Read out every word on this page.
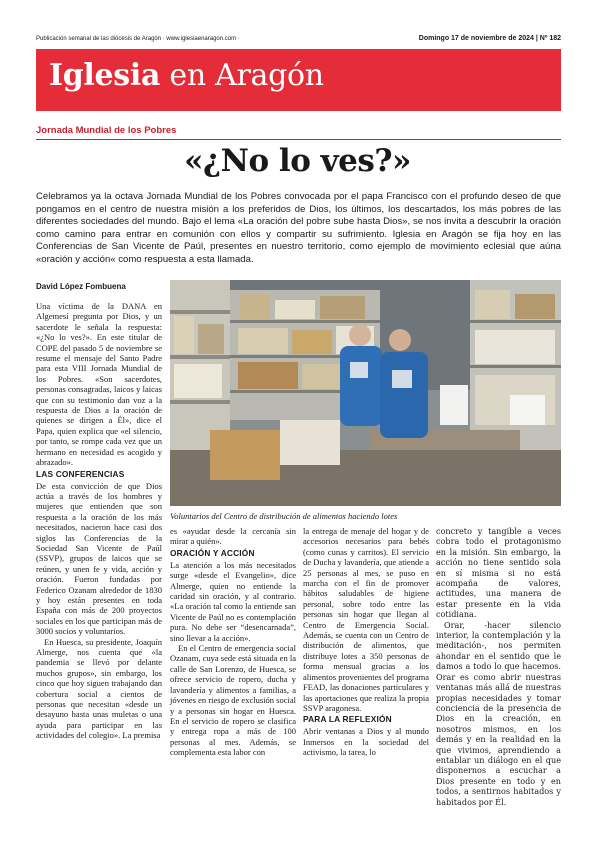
Publicación semanal de las diócesis de Aragón · www.iglesiaenaragon.com ·	Domingo 17 de noviembre de 2024 | Nº 182
Iglesia en Aragón
Jornada Mundial de los Pobres
«¿No lo ves?»
Celebramos ya la octava Jornada Mundial de los Pobres convocada por el papa Francisco con el profundo deseo de que pongamos en el centro de nuestra misión a los preferidos de Dios, los últimos, los descartados, los más pobres de las diferentes sociedades del mundo. Bajo el lema «La oración del pobre sube hasta Dios», se nos invita a descubrir la oración como camino para entrar en comunión con ellos y compartir su sufrimiento. Iglesia en Aragón se fija hoy en las Conferencias de San Vicente de Paúl, presentes en nuestro territorio, como ejemplo de movimiento eclesial que aúna «oración y acción« como respuesta a esta llamada.
David López Fombuena

Una víctima de la DANA en Algemesí pregunta por Dios, y un sacerdote le señala la respuesta: «¿No lo ves?». En este titular de COPE del pasado 5 de noviembre se resume el mensaje del Santo Padre para esta VIII Jornada Mundial de los Pobres. «Son sacerdotes, personas consagradas, laicos y laicas que con su testimonio dan voz a la respuesta de Dios a la oración de quienes se dirigen a Él», dice el Papa, quien explica que «el silencio, por tanto, se rompe cada vez que un hermano en necesidad es acogido y abrazado».

LAS CONFERENCIAS

De esta convicción de que Dios actúa a través de los hombres y mujeres que entienden que son respuesta a la oración de los más necesitados, nacieron hace casi dos siglos las Conferencias de la Sociedad San Vicente de Paúl (SSVP), grupos de laicos que se reúnen, y unen fe y vida, acción y oración. Fueron fundadas por Federico Ozanam alrededor de 1830 y hoy están presentes en toda España con más de 200 proyectos sociales en los que participan más de 3000 socios y voluntarios.

En Huesca, su presidente, Joaquín Almerge, nos cuenta que «la pandemia se llevó por delante muchos grupos», sin embargo, los cinco que hoy siguen trabajando dan cobertura social a cientos de personas que necesitan «desde un desayuno hasta unas muletas o una ayuda para participar en las actividades del colegio». La premisa

Voluntarios del Centro de distribución de alimentos haciendo lotes

es «ayudar desde la cercanía sin mirar a quién».

ORACIÓN Y ACCIÓN

La atención a los más necesitados surge «desde el Evangelio», dice Almerge, quien no entiende la caridad sin oración, y al contrario. «La oración tal como la entiende san Vicente de Paúl no es contemplación pura. No debe ser “desencarnada”, sino llevar a la acción».

En el Centro de emergencia social Ozanam, cuya sede está situada en la calle de San Lorenzo, de Huesca, se ofrece servicio de ropero, ducha y lavandería y alimentos a familias, a jóvenes en riesgo de exclusión social y a personas sin hogar en Huesca. En el servicio de ropero se clasifica y entrega ropa a más de 100 personas al mes. Además, se complementa esta labor con

la entrega de menaje del hogar y de accesorios necesarios para bebés (como cunas y carritos). El servicio de Ducha y lavandería, que atiende a 25 personas al mes, se puso en marcha con el fin de promover hábitos saludables de higiene personal, sobre todo entre las personas sin hogar que llegan al Centro de Emergencia Social. Además, se cuenta con un Centro de distribución de alimentos, que distribuye lotes a 350 personas de forma mensual gracias a los alimentos provenientes del programa FEAD, las donaciones particulares y las aportaciones que realiza la propia SSVP aragonesa.

PARA LA REFLEXIÓN

Abrir ventanas a Dios y al mundo Inmersos en la sociedad del activismo, la tarea, lo

concreto y tangible a veces cobra todo el protagonismo en la misión. Sin embargo, la acción no tiene sentido sola en sí misma si no está acompaña de valores, actitudes, una manera de estar presente en la vida cotidiana.

Orar, -hacer silencio interior, la contemplación y la meditación-, nos permiten ahondar en el sentido que le damos a todo lo que hacemos. Orar es como abrir nuestras ventanas más allá de nuestras propias necesidades y tomar conciencia de la presencia de Dios en la creación, en nosotros mismos, en los demás y en la realidad en la que vivimos, aprendiendo a entablar un diálogo en el que disponernos a escuchar a Dios presente en todo y en todos, a sentirnos habitados y habitados por Él.
